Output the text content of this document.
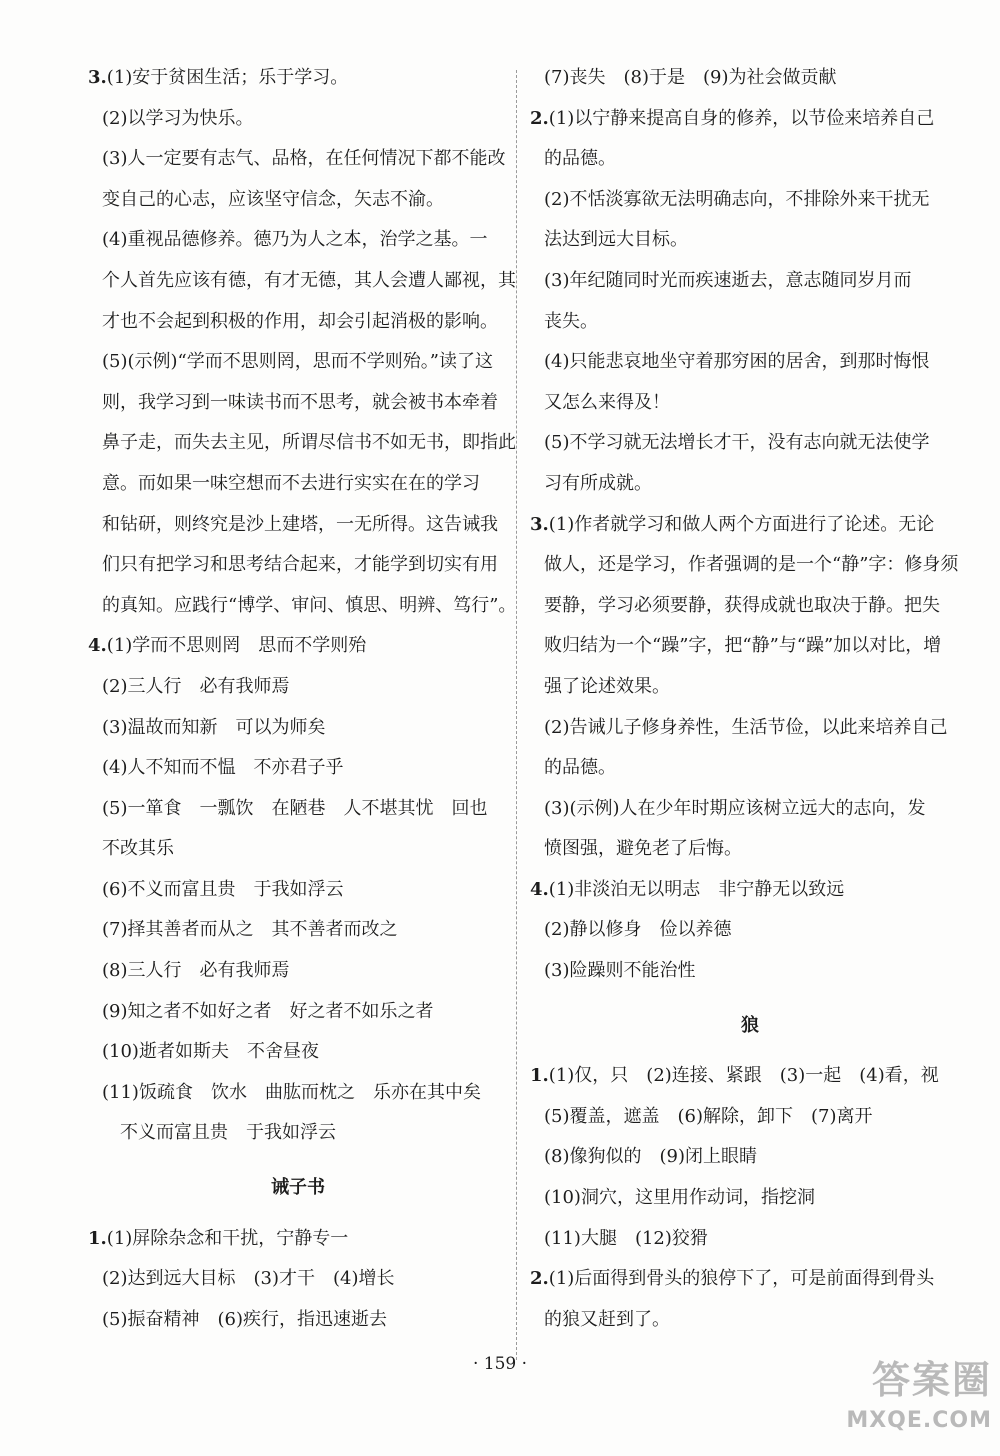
3.(1)安于贫困生活；乐于学习。
(2)以学习为快乐。
(3)人一定要有志气、品格，在任何情况下都不能改
变自己的心志，应该坚守信念，矢志不渝。
(4)重视品德修养。德乃为人之本，治学之基。一
个人首先应该有德，有才无德，其人会遭人鄙视，其
才也不会起到积极的作用，却会引起消极的影响。
(5)(示例)“学而不思则罔，思而不学则殆。”读了这
则，我学习到一味读书而不思考，就会被书本牵着
鼻子走，而失去主见，所谓尽信书不如无书，即指此
意。而如果一味空想而不去进行实实在在的学习
和钻研，则终究是沙上建塔，一无所得。这告诫我
们只有把学习和思考结合起来，才能学到切实有用
的真知。应践行“博学、审问、慎思、明辨、笃行”。
4.(1)学而不思则罔　思而不学则殆
(2)三人行　必有我师焉
(3)温故而知新　可以为师矣
(4)人不知而不愠　不亦君子乎
(5)一箪食　一瓢饮　在陋巷　人不堪其忧　回也
不改其乐
(6)不义而富且贵　于我如浮云
(7)择其善者而从之　其不善者而改之
(8)三人行　必有我师焉
(9)知之者不如好之者　好之者不如乐之者
(10)逝者如斯夫　不舍昼夜
(11)饭疏食　饮水　曲肱而枕之　乐亦在其中矣
不义而富且贵　于我如浮云
诫子书
1.(1)屏除杂念和干扰，宁静专一
(2)达到远大目标　(3)才干　(4)增长
(5)振奋精神　(6)疾行，指迅速逝去
(7)丧失　(8)于是　(9)为社会做贡献
2.(1)以宁静来提高自身的修养，以节俭来培养自己
的品德。
(2)不恬淡寡欲无法明确志向，不排除外来干扰无
法达到远大目标。
(3)年纪随同时光而疾速逝去，意志随同岁月而
丧失。
(4)只能悲哀地坐守着那穷困的居舍，到那时悔恨
又怎么来得及！
(5)不学习就无法增长才干，没有志向就无法使学
习有所成就。
3.(1)作者就学习和做人两个方面进行了论述。无论
做人，还是学习，作者强调的是一个“静”字：修身须
要静，学习必须要静，获得成就也取决于静。把失
败归结为一个“躁”字，把“静”与“躁”加以对比，增
强了论述效果。
(2)告诫儿子修身养性，生活节俭，以此来培养自己
的品德。
(3)(示例)人在少年时期应该树立远大的志向，发
愤图强，避免老了后悔。
4.(1)非淡泊无以明志　非宁静无以致远
(2)静以修身　俭以养德
(3)险躁则不能治性
狼
1.(1)仅，只　(2)连接、紧跟　(3)一起　(4)看，视
(5)覆盖，遮盖　(6)解除，卸下　(7)离开
(8)像狗似的　(9)闭上眼睛
(10)洞穴，这里用作动词，指挖洞
(11)大腿　(12)狡猾
2.(1)后面得到骨头的狼停下了，可是前面得到骨头
的狼又赶到了。
· 159 ·	答案圈
MXQE.COM
